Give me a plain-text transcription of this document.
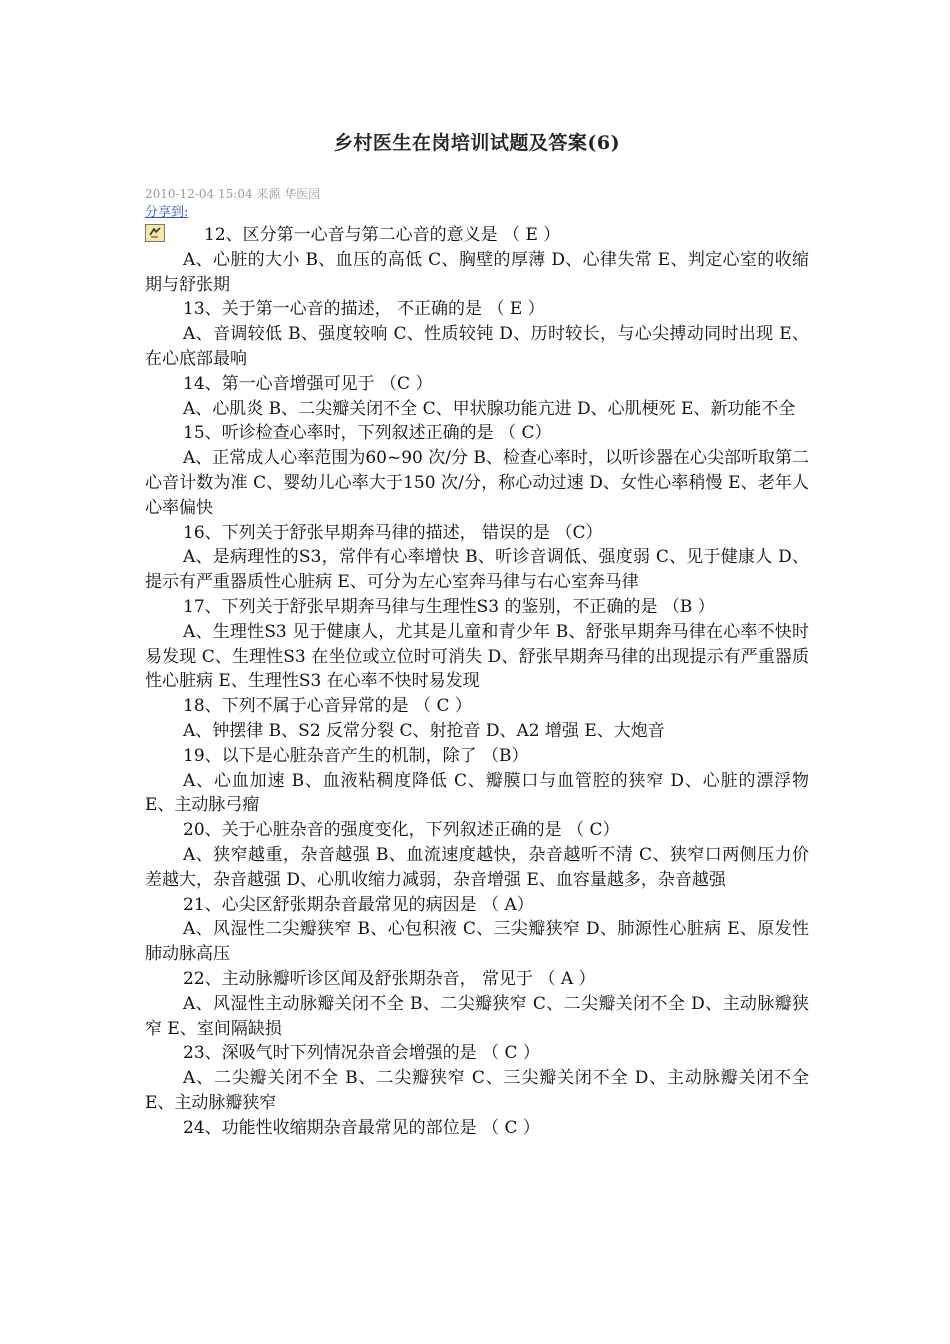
乡村医生在岗培训试题及答案(6)
2010-12-04 15:04 来源 华医园
分享到:

12、区分第一心音与第二心音的意义是 （ E ）

A、心脏的大小 B、血压的高低 C、胸壁的厚薄 D、心律失常 E、判定心室的收缩期与舒张期

13、关于第一心音的描述， 不正确的是 （ E ）

A、音调较低 B、强度较响 C、性质较钝 D、历时较长，与心尖搏动同时出现 E、在心底部最响

14、第一心音增强可见于 （C ）

A、心肌炎 B、二尖瓣关闭不全 C、甲状腺功能亢进 D、心肌梗死 E、新功能不全

15、听诊检查心率时，下列叙述正确的是 （ C）

A、正常成人心率范围为60~90 次/分 B、检查心率时，以听诊器在心尖部听取第二心音计数为准 C、婴幼儿心率大于150 次/分，称心动过速 D、女性心率稍慢 E、老年人心率偏快

16、下列关于舒张早期奔马律的描述， 错误的是 （C）

A、是病理性的S3，常伴有心率增快 B、听诊音调低、强度弱 C、见于健康人 D、提示有严重器质性心脏病 E、可分为左心室奔马律与右心室奔马律

17、下列关于舒张早期奔马律与生理性S3 的鉴别，不正确的是 （B ）

A、生理性S3 见于健康人，尤其是儿童和青少年 B、舒张早期奔马律在心率不快时易发现 C、生理性S3 在坐位或立位时可消失 D、舒张早期奔马律的出现提示有严重器质性心脏病 E、生理性S3 在心率不快时易发现

18、下列不属于心音异常的是 （ C ）

A、钟摆律 B、S2 反常分裂 C、射抢音 D、A2 增强 E、大炮音

19、以下是心脏杂音产生的机制，除了 （B）

A、心血加速 B、血液粘稠度降低 C、瓣膜口与血管腔的狭窄 D、心脏的漂浮物 E、主动脉弓瘤

20、关于心脏杂音的强度变化，下列叙述正确的是 （ C）

A、狭窄越重，杂音越强 B、血流速度越快，杂音越听不清 C、狭窄口两侧压力价差越大，杂音越强 D、心肌收缩力减弱，杂音增强 E、血容量越多，杂音越强

21、心尖区舒张期杂音最常见的病因是 （ A）

A、风湿性二尖瓣狭窄 B、心包积液 C、三尖瓣狭窄 D、肺源性心脏病 E、原发性肺动脉高压

22、主动脉瓣听诊区闻及舒张期杂音， 常见于 （ A ）

A、风湿性主动脉瓣关闭不全 B、二尖瓣狭窄 C、二尖瓣关闭不全 D、主动脉瓣狭窄 E、室间隔缺损

23、深吸气时下列情况杂音会增强的是 （ C ）

A、二尖瓣关闭不全 B、二尖瓣狭窄 C、三尖瓣关闭不全 D、主动脉瓣关闭不全 E、主动脉瓣狭窄

24、功能性收缩期杂音最常见的部位是 （ C ）
